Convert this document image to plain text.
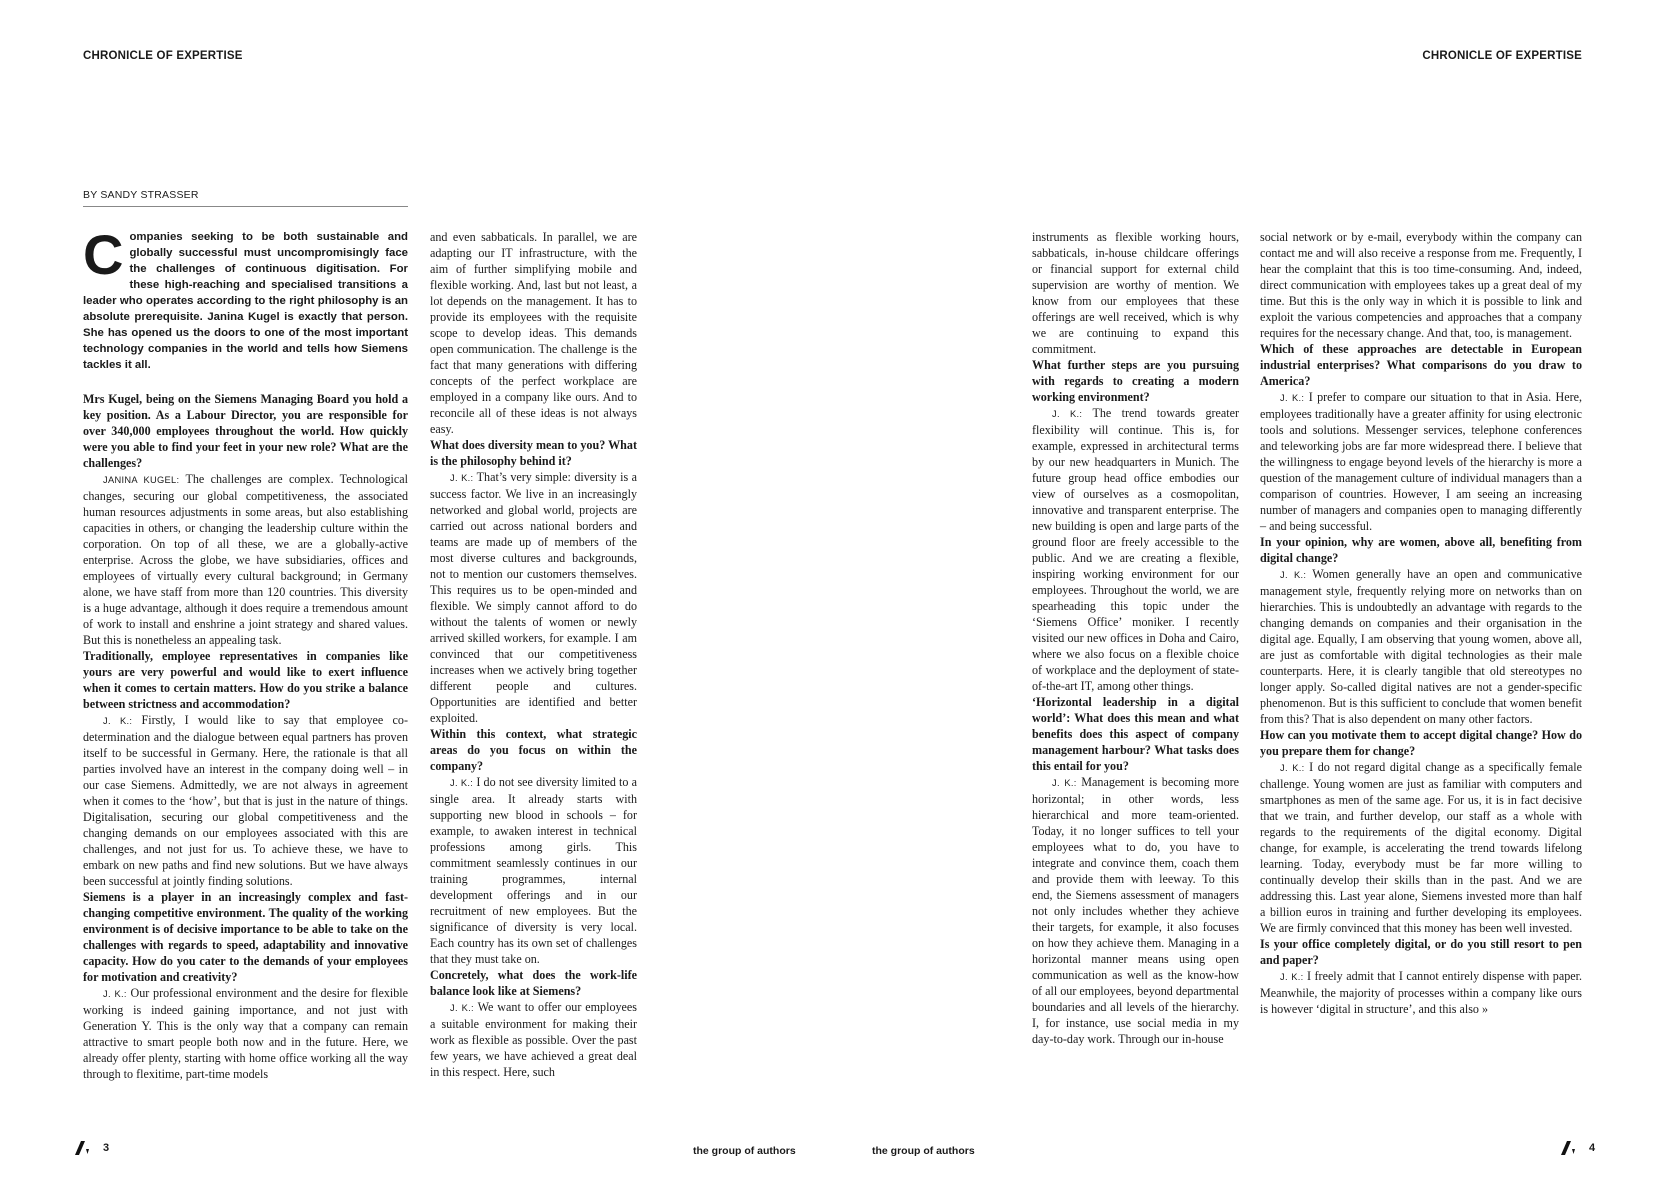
CHRONICLE OF EXPERTISE	CHRONICLE OF EXPERTISE
BY SANDY STRASSER
Companies seeking to be both sustainable and globally successful must uncompromisingly face the challenges of continuous digitisation. For these high-reaching and specialised transitions a leader who operates according to the right philosophy is an absolute prerequisite. Janina Kugel is exactly that person. She has opened us the doors to one of the most important technology companies in the world and tells how Siemens tackles it all.

Mrs Kugel, being on the Siemens Managing Board you hold a key position. As a Labour Director, you are responsible for over 340,000 employees throughout the world. How quickly were you able to find your feet in your new role? What are the challenges?

JANINA KUGEL: The challenges are complex. Technological changes, securing our global competitiveness, the associated human resources adjustments in some areas, but also establishing capacities in others, or changing the leadership culture within the corporation. On top of all these, we are a globally-active enterprise. Across the globe, we have subsidiaries, offices and employees of virtually every cultural background; in Germany alone, we have staff from more than 120 countries. This diversity is a huge advantage, although it does require a tremendous amount of work to install and enshrine a joint strategy and shared values. But this is nonetheless an appealing task.

Traditionally, employee representatives in companies like yours are very powerful and would like to exert influence when it comes to certain matters. How do you strike a balance between strictness and accommodation?

J. K.: Firstly, I would like to say that employee co-determination and the dialogue between equal partners has proven itself to be successful in Germany. Here, the rationale is that all parties involved have an interest in the company doing well – in our case Siemens. Admittedly, we are not always in agreement when it comes to the ‘how’, but that is just in the nature of things. Digitalisation, securing our global competitiveness and the changing demands on our employees associated with this are challenges, and not just for us. To achieve these, we have to embark on new paths and find new solutions. But we have always been successful at jointly finding solutions.

Siemens is a player in an increasingly complex and fast-changing competitive environment. The quality of the working environment is of decisive importance to be able to take on the challenges with regards to speed, adaptability and innovative capacity. How do you cater to the demands of your employees for motivation and creativity?

J. K.: Our professional environment and the desire for flexible working is indeed gaining importance, and not just with Generation Y. This is the only way that a company can remain attractive to smart people both now and in the future. Here, we already offer plenty, starting with home office working all the way through to flexitime, part-time models

and even sabbaticals. In parallel, we are adapting our IT infrastructure, with the aim of further simplifying mobile and flexible working. And, last but not least, a lot depends on the management. It has to provide its employees with the requisite scope to develop ideas. This demands open communication. The challenge is the fact that many generations with differing concepts of the perfect workplace are employed in a company like ours. And to reconcile all of these ideas is not always easy.

What does diversity mean to you? What is the philosophy behind it?

J. K.: That’s very simple: diversity is a success factor. We live in an increasingly networked and global world, projects are carried out across national borders and teams are made up of members of the most diverse cultures and backgrounds, not to mention our customers themselves. This requires us to be open-minded and flexible. We simply cannot afford to do without the talents of women or newly arrived skilled workers, for example. I am convinced that our competitiveness increases when we actively bring together different people and cultures. Opportunities are identified and better exploited.

Within this context, what strategic areas do you focus on within the company?

J. K.: I do not see diversity limited to a single area. It already starts with supporting new blood in schools – for example, to awaken interest in technical professions among girls. This commitment seamlessly continues in our training programmes, internal development offerings and in our recruitment of new employees. But the significance of diversity is very local. Each country has its own set of challenges that they must take on.

Concretely, what does the work-life balance look like at Siemens?

J. K.: We want to offer our employees a suitable environment for making their work as flexible as possible. Over the past few years, we have achieved a great deal in this respect. Here, such

instruments as flexible working hours, sabbaticals, in-house childcare offerings or financial support for external child supervision are worthy of mention. We know from our employees that these offerings are well received, which is why we are continuing to expand this commitment.

What further steps are you pursuing with regards to creating a modern working environment?

J. K.: The trend towards greater flexibility will continue. This is, for example, expressed in architectural terms by our new headquarters in Munich. The future group head office embodies our view of ourselves as a cosmopolitan, innovative and transparent enterprise. The new building is open and large parts of the ground floor are freely accessible to the public. And we are creating a flexible, inspiring working environment for our employees. Throughout the world, we are spearheading this topic under the ‘Siemens Office’ moniker. I recently visited our new offices in Doha and Cairo, where we also focus on a flexible choice of workplace and the deployment of state-of-the-art IT, among other things.

‘Horizontal leadership in a digital world’: What does this mean and what benefits does this aspect of company management harbour? What tasks does this entail for you?

J. K.: Management is becoming more horizontal; in other words, less hierarchical and more team-oriented. Today, it no longer suffices to tell your employees what to do, you have to integrate and convince them, coach them and provide them with leeway. To this end, the Siemens assessment of managers not only includes whether they achieve their targets, for example, it also focuses on how they achieve them. Managing in a horizontal manner means using open communication as well as the know-how of all our employees, beyond departmental boundaries and all levels of the hierarchy. I, for instance, use social media in my day-to-day work. Through our in-house

social network or by e-mail, everybody within the company can contact me and will also receive a response from me. Frequently, I hear the complaint that this is too time-consuming. And, indeed, direct communication with employees takes up a great deal of my time. But this is the only way in which it is possible to link and exploit the various competencies and approaches that a company requires for the necessary change. And that, too, is management.

Which of these approaches are detectable in European industrial enterprises? What comparisons do you draw to America?

J. K.: I prefer to compare our situation to that in Asia. Here, employees traditionally have a greater affinity for using electronic tools and solutions. Messenger services, telephone conferences and teleworking jobs are far more widespread there. I believe that the willingness to engage beyond levels of the hierarchy is more a question of the management culture of individual managers than a comparison of countries. However, I am seeing an increasing number of managers and companies open to managing differently – and being successful.

In your opinion, why are women, above all, benefiting from digital change?

J. K.: Women generally have an open and communicative management style, frequently relying more on networks than on hierarchies. This is undoubtedly an advantage with regards to the changing demands on companies and their organisation in the digital age. Equally, I am observing that young women, above all, are just as comfortable with digital technologies as their male counterparts. Here, it is clearly tangible that old stereotypes no longer apply. So-called digital natives are not a gender-specific phenomenon. But is this sufficient to conclude that women benefit from this? That is also dependent on many other factors.

How can you motivate them to accept digital change? How do you prepare them for change?

J. K.: I do not regard digital change as a specifically female challenge. Young women are just as familiar with computers and smartphones as men of the same age. For us, it is in fact decisive that we train, and further develop, our staff as a whole with regards to the requirements of the digital economy. Digital change, for example, is accelerating the trend towards lifelong learning. Today, everybody must be far more willing to continually develop their skills than in the past. And we are addressing this. Last year alone, Siemens invested more than half a billion euros in training and further developing its employees. We are firmly convinced that this money has been well invested.

Is your office completely digital, or do you still resort to pen and paper?

J. K.: I freely admit that I cannot entirely dispense with paper. Meanwhile, the majority of processes within a company like ours is however ‘digital in structure’, and this also »

3	the group of authors	the group of authors	4
